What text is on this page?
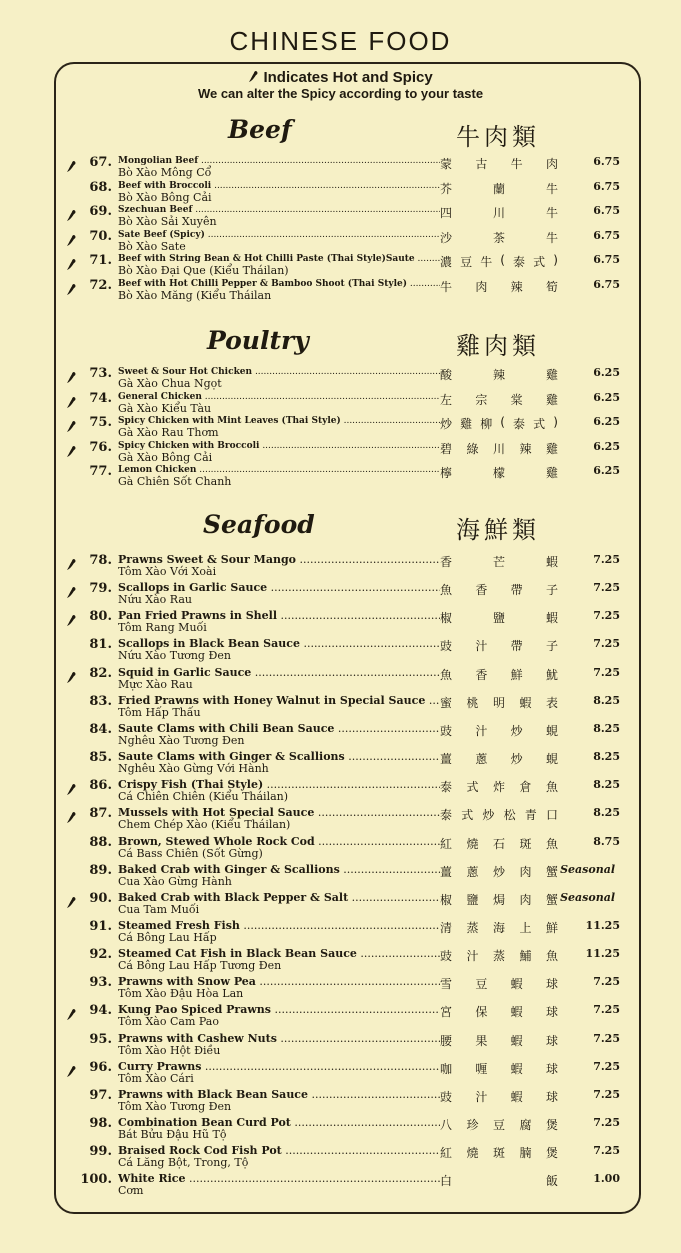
CHINESE FOOD
Indicates Hot and Spicy
We can alter the Spicy according to your taste
Beef	牛肉類
Poultry	雞肉類
Seafood	海鮮類
67. Mongolian Beef .....
Bò Xào Mông Cổ
蒙 古 牛 肉	6.75
68. Beef with Broccoli .....
Bò Xào Bông Cải
芥	蘭	牛	6.75
69. Szechuan Beef .....
Bò Xào Sải Xuyên
四	川	牛	6.75
70. Sate Beef (Spicy) .....
Bò Xào Sate
沙	茶	牛	6.75
71. Beef with String Bean & Hot Chilli Paste (Thai Style)Saute .....
Bò Xào Đại Que (Kiểu Tháilan)
濃 豆 牛 ( 泰 式 )	6.75
72. Beef with Hot Chilli Pepper & Bamboo Shoot (Thai Style) .....
Bò Xào Măng (Kiểu Tháilan
牛 肉 辣 筍	6.75
73. Sweet & Sour Hot Chicken .....
Gà Xào Chua Ngọt
酸	辣	雞	6.25
74. General Chicken .....
Gà Xào Kiểu Tàu
左 宗 棠 雞	6.25
75. Spicy Chicken with Mint Leaves (Thai Style) .....
Gà Xào Rau Thơm
炒 雞 柳 ( 泰 式 )	6.25
76. Spicy Chicken with Broccoli .....
Gà Xào Bông Cải
碧 綠 川 辣 雞	6.25
77. Lemon Chicken .....
Gà Chiên Sốt Chanh
檸	檬	雞	6.25
78. Prawns Sweet & Sour Mango .....
Tôm Xào Với Xoài
香	芒	蝦	7.25
79. Scallops in Garlic Sauce .....
Nứu Xào Rau
魚 香 帶 子	7.25
80. Pan Fried Prawns in Shell .....
Tôm Rang Muối
椒	鹽	蝦	7.25
81. Scallops in Black Bean Sauce .....
Nứu Xào Tương Đen
豉 汁 帶 子	7.25
82. Squid in Garlic Sauce .....
Mực Xào Rau
魚 香 鮮 魷	7.25
83. Fried Prawns with Honey Walnut in Special Sauce .....
Tôm Hấp Thấu
蜜 桃 明 蝦 表	8.25
84. Saute Clams with Chili Bean Sauce .....
Nghêu Xào Tương Đen
豉 汁 炒 蜆	8.25
85. Saute Clams with Ginger & Scallions .....
Nghêu Xào Gừng Với Hành
薑 蔥 炒 蜆	8.25
86. Crispy Fish (Thai Style) .....
Cá Chiên Chiên (Kiểu Tháilan)
泰 式 炸 倉 魚	8.25
87. Mussels with Hot Special Sauce .....
Chem Chép Xào (Kiểu Tháilan)
泰 式 炒 松 青 口	8.25
88. Brown, Stewed Whole Rock Cod .....
Cá Bass Chiên (Sốt Gừng)
紅 燒 石 斑 魚	8.75
89. Baked Crab with Ginger & Scallions .....
Cua Xào Gừng Hành
薑 蔥 炒 肉 蟹 Seasonal
90. Baked Crab with Black Pepper & Salt .....
Cua Tam Muối
椒 鹽 焗 肉 蟹 Seasonal
91. Steamed Fresh Fish .....
Cá Bông Lau Hấp
清 蒸 海 上 鮮	11.25
92. Steamed Cat Fish in Black Bean Sauce .....
Cá Bông Lau Hấp Tương Đen
豉 汁 蒸 鯆 魚	11.25
93. Prawns with Snow Pea .....
Tôm Xào Đậu Hòa Lan
雪 豆 蝦 球	7.25
94. Kung Pao Spiced Prawns .....
Tôm Xào Cam Pao
宮 保 蝦 球	7.25
95. Prawns with Cashew Nuts .....
Tôm Xào Hột Điều
腰 果 蝦 球	7.25
96. Curry Prawns .....
Tôm Xào Cári
咖 喱 蝦 球	7.25
97. Prawns with Black Bean Sauce .....
Tôm Xào Tương Đen
豉 汁 蝦 球	7.25
98. Combination Bean Curd Pot .....
Bát Bửu Đậu Hũ Tộ
八 珍 豆 腐 煲	7.25
99. Braised Rock Cod Fish Pot .....
Cá Lăng Bột, Trong, Tộ
紅 燒 斑 腩 煲	7.25
100. White Rice .....
Cơm
白	飯	1.00
